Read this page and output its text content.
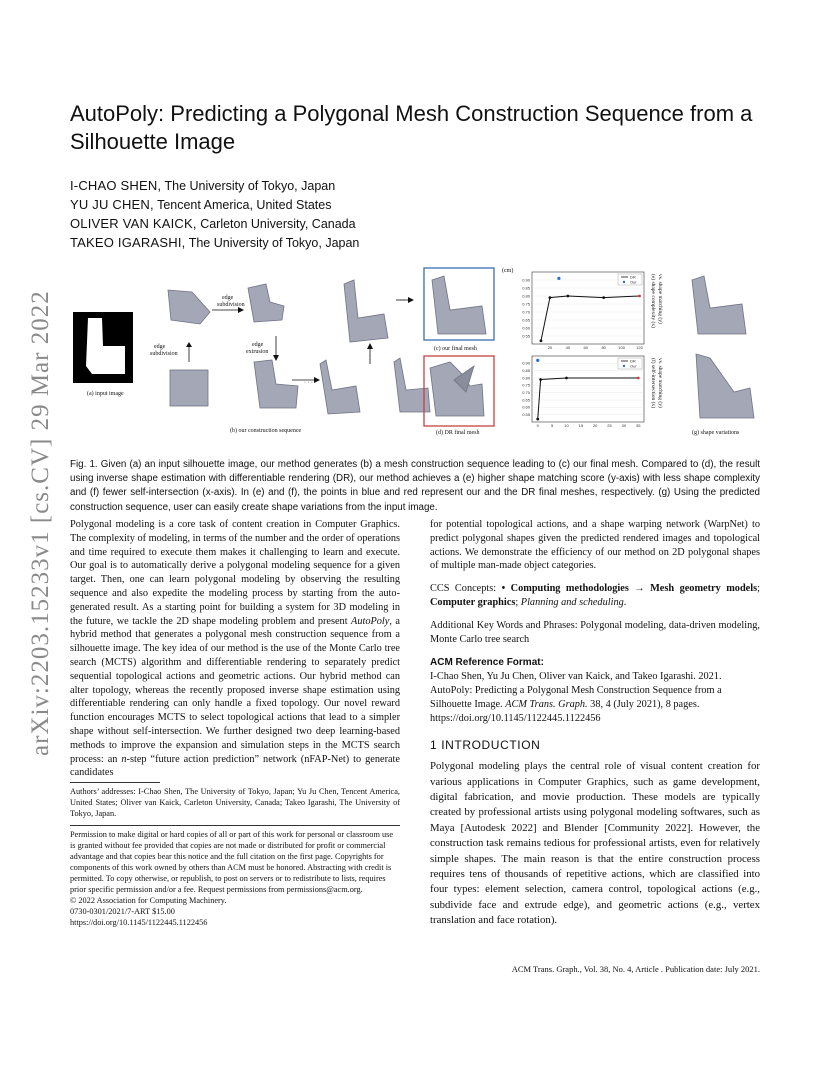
arXiv:2203.15233v1 [cs.CV] 29 Mar 2022
AutoPoly: Predicting a Polygonal Mesh Construction Sequence from a Silhouette Image
I-CHAO SHEN, The University of Tokyo, Japan
YU JU CHEN, Tencent America, United States
OLIVER VAN KAICK, Carleton University, Canada
TAKEO IGARASHI, The University of Tokyo, Japan
(a) input image
edge
subdivision
edge
subdivision
edge
extrusion
· · ·
· · ·
· · ·
(b) our construction sequence
(c) our final mesh
(d) DR final mesh
(cm)
0.55
0.60
0.65
0.70
0.75
0.80
0.85
0.90
20	40	60	80	100	120
DR
Our (e) shape complexity (x) vs. shape matching (y)
0.55
0.60
0.65
0.70
0.75
0.80
0.85
0.90
0	5	10 15 20 25 30 35
DR
Our (f) self-intersection (x) vs. shape matching (y)
(g) shape variations
Fig. 1. Given (a) an input silhouette image, our method generates (b) a mesh construction sequence leading to (c) our final mesh. Compared to (d), the result using inverse shape estimation with differentiable rendering (DR), our method achieves a (e) higher shape matching score (y-axis) with less shape complexity and (f) fewer self-intersection (x-axis). In (e) and (f), the points in blue and red represent our and the DR final meshes, respectively. (g) Using the predicted construction sequence, user can easily create shape variations from the input image.

Polygonal modeling is a core task of content creation in Computer Graphics. The complexity of modeling, in terms of the number and the order of operations and time required to execute them makes it challenging to learn and execute. Our goal is to automatically derive a polygonal modeling sequence for a given target. Then, one can learn polygonal modeling by observing the resulting sequence and also expedite the modeling process by starting from the auto-generated result. As a starting point for building a system for 3D modeling in the future, we tackle the 2D shape modeling problem and present AutoPoly, a hybrid method that generates a polygonal mesh construction sequence from a silhouette image. The key idea of our method is the use of the Monte Carlo tree search (MCTS) algorithm and differentiable rendering to separately predict sequential topological actions and geometric actions. Our hybrid method can alter topology, whereas the recently proposed inverse shape estimation using differentiable rendering can only handle a fixed topology. Our novel reward function encourages MCTS to select topological actions that lead to a simpler shape without self-intersection. We further designed two deep learning-based methods to improve the expansion and simulation steps in the MCTS search process: an n-step “future action prediction” network (nFAP-Net) to generate candidates

Authors’ addresses: I-Chao Shen, The University of Tokyo, Japan; Yu Ju Chen, Tencent America, United States; Oliver van Kaick, Carleton University, Canada; Takeo Igarashi, The University of Tokyo, Japan.
Permission to make digital or hard copies of all or part of this work for personal or classroom use is granted without fee provided that copies are not made or distributed for profit or commercial advantage and that copies bear this notice and the full citation on the first page. Copyrights for components of this work owned by others than ACM must be honored. Abstracting with credit is permitted. To copy otherwise, or republish, to post on servers or to redistribute to lists, requires prior specific permission and/or a fee. Request permissions from permissions@acm.org.
© 2022 Association for Computing Machinery.
0730-0301/2021/7-ART $15.00
https://doi.org/10.1145/1122445.1122456

for potential topological actions, and a shape warping network (WarpNet) to predict polygonal shapes given the predicted rendered images and topological actions. We demonstrate the efficiency of our method on 2D polygonal shapes of multiple man-made object categories.

CCS Concepts: • Computing methodologies → Mesh geometry models; Computer graphics; Planning and scheduling.

Additional Key Words and Phrases: Polygonal modeling, data-driven modeling, Monte Carlo tree search

ACM Reference Format:

I-Chao Shen, Yu Ju Chen, Oliver van Kaick, and Takeo Igarashi. 2021. AutoPoly: Predicting a Polygonal Mesh Construction Sequence from a Silhouette Image. ACM Trans. Graph. 38, 4 (July 2021), 8 pages. https://doi.org/10.1145/1122445.1122456

1 INTRODUCTION

Polygonal modeling plays the central role of visual content creation for various applications in Computer Graphics, such as game development, digital fabrication, and movie production. These models are typically created by professional artists using polygonal modeling softwares, such as Maya [Autodesk 2022] and Blender [Community 2022]. However, the construction task remains tedious for professional artists, even for relatively simple shapes. The main reason is that the entire construction process requires tens of thousands of repetitive actions, which are classified into four types: element selection, camera control, topological actions (e.g., subdivide face and extrude edge), and geometric actions (e.g., vertex translation and face rotation).

ACM Trans. Graph., Vol. 38, No. 4, Article . Publication date: July 2021.
